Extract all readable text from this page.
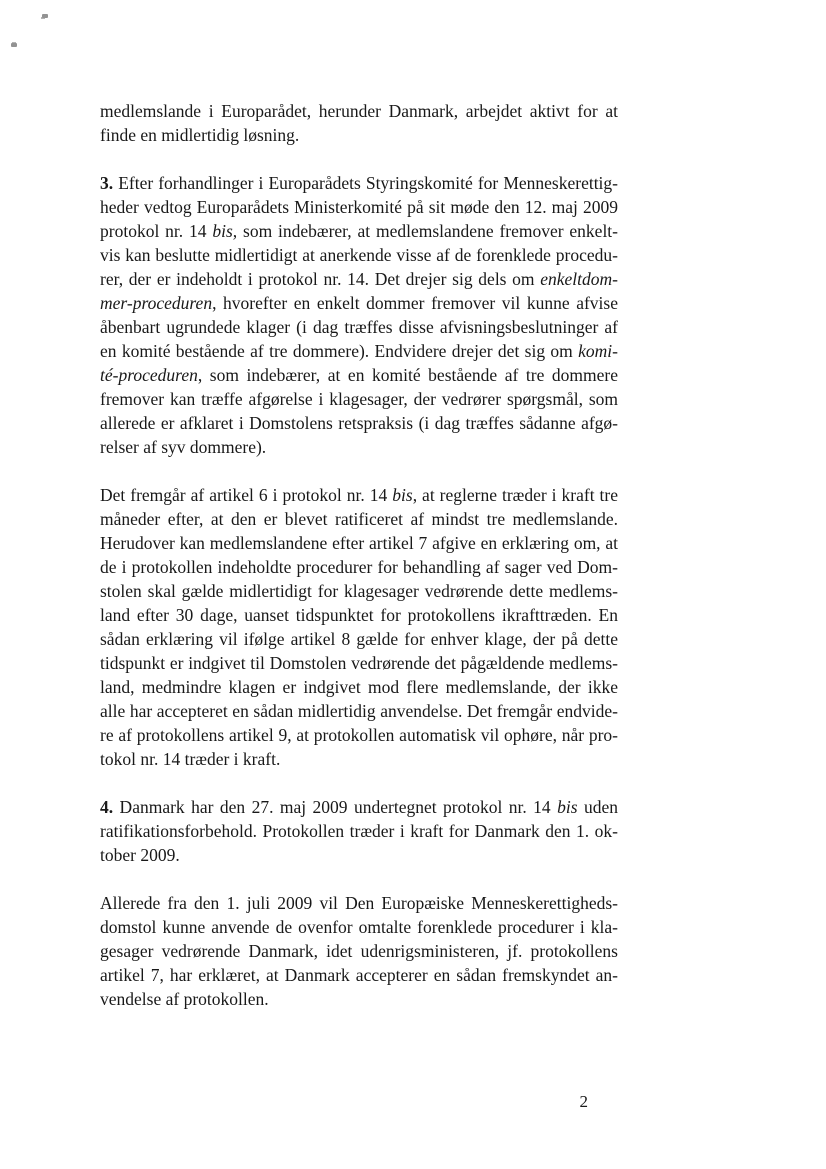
medlemslande i Europarådet, herunder Danmark, arbejdet aktivt for at
finde en midlertidig løsning.

3. Efter forhandlinger i Europarådets Styringskomité for Menneskerettig-
heder vedtog Europarådets Ministerkomité på sit møde den 12. maj 2009
protokol nr. 14 bis, som indebærer, at medlemslandene fremover enkelt-
vis kan beslutte midlertidigt at anerkende visse af de forenklede procedu-
rer, der er indeholdt i protokol nr. 14. Det drejer sig dels om enkeltdom-
mer-proceduren, hvorefter en enkelt dommer fremover vil kunne afvise
åbenbart ugrundede klager (i dag træffes disse afvisningsbeslutninger af
en komité bestående af tre dommere). Endvidere drejer det sig om komi-
té-proceduren, som indebærer, at en komité bestående af tre dommere
fremover kan træffe afgørelse i klagesager, der vedrører spørgsmål, som
allerede er afklaret i Domstolens retspraksis (i dag træffes sådanne afgø-
relser af syv dommere).

Det fremgår af artikel 6 i protokol nr. 14 bis, at reglerne træder i kraft tre
måneder efter, at den er blevet ratificeret af mindst tre medlemslande.
Herudover kan medlemslandene efter artikel 7 afgive en erklæring om, at
de i protokollen indeholdte procedurer for behandling af sager ved Dom-
stolen skal gælde midlertidigt for klagesager vedrørende dette medlems-
land efter 30 dage, uanset tidspunktet for protokollens ikrafttræden. En
sådan erklæring vil ifølge artikel 8 gælde for enhver klage, der på dette
tidspunkt er indgivet til Domstolen vedrørende det pågældende medlems-
land, medmindre klagen er indgivet mod flere medlemslande, der ikke
alle har accepteret en sådan midlertidig anvendelse. Det fremgår endvide-
re af protokollens artikel 9, at protokollen automatisk vil ophøre, når pro-
tokol nr. 14 træder i kraft.

4. Danmark har den 27. maj 2009 undertegnet protokol nr. 14 bis uden
ratifikationsforbehold. Protokollen træder i kraft for Danmark den 1. ok-
tober 2009.

Allerede fra den 1. juli 2009 vil Den Europæiske Menneskerettigheds-
domstol kunne anvende de ovenfor omtalte forenklede procedurer i kla-
gesager vedrørende Danmark, idet udenrigsministeren, jf. protokollens
artikel 7, har erklæret, at Danmark accepterer en sådan fremskyndet an-
vendelse af protokollen.

2
